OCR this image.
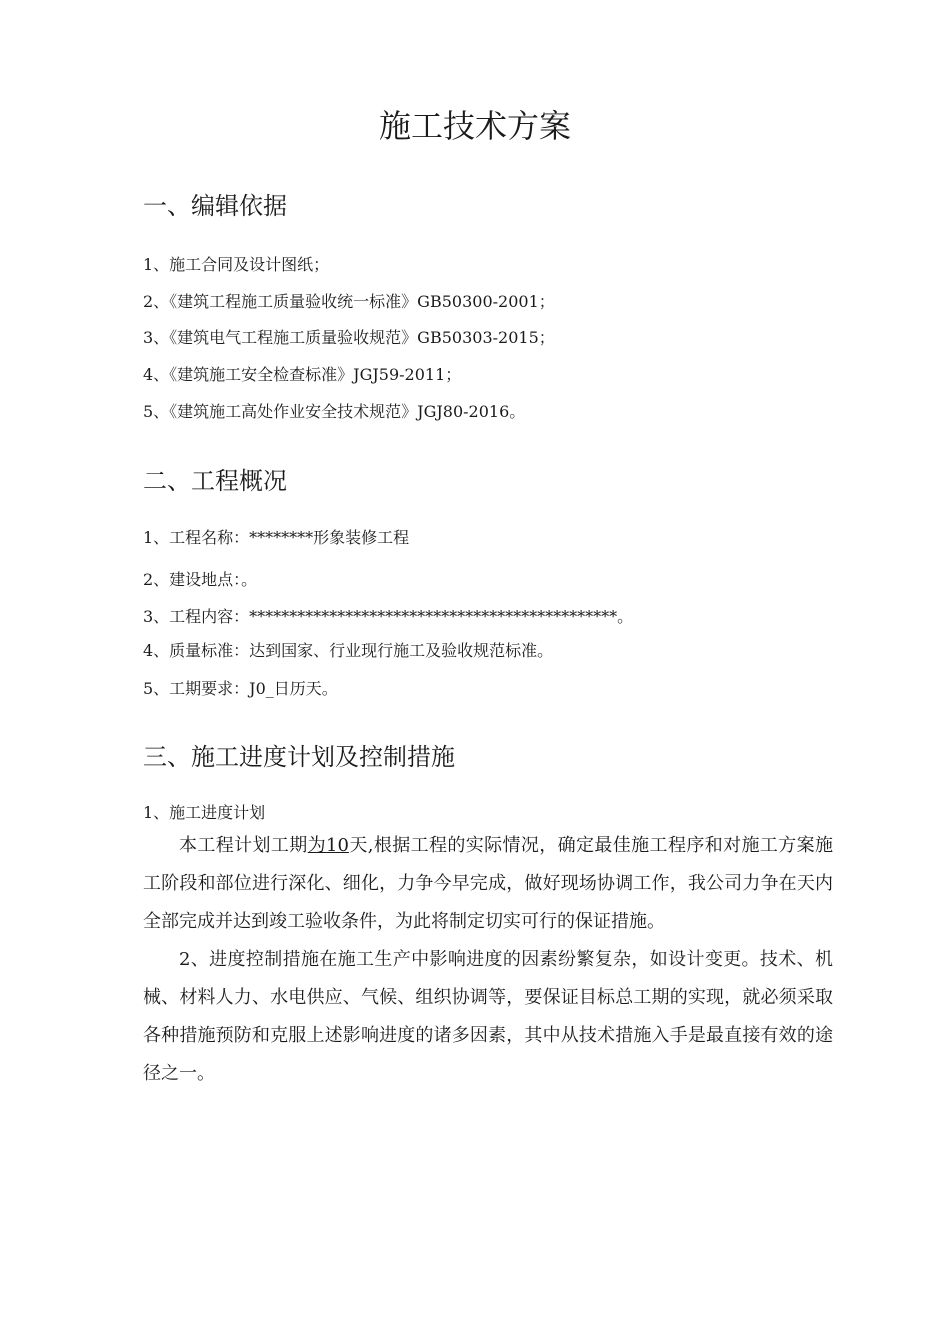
施工技术方案
一、编辑依据
1、施工合同及设计图纸；
2、《建筑工程施工质量验收统一标准》GB50300-2001；
3、《建筑电气工程施工质量验收规范》GB50303-2015；
4、《建筑施工安全检查标准》JGJ59-2011；
5、《建筑施工高处作业安全技术规范》JGJ80-2016。
二、工程概况
1、工程名称：********形象装修工程
2、建设地点：。
3、工程内容：**********************************************。
4、质量标准：达到国家、行业现行施工及验收规范标准。
5、工期要求：J0_日历天。
三、施工进度计划及控制措施
1、施工进度计划

本工程计划工期为10天,根据工程的实际情况，确定最佳施工程序和对施工方案施工阶段和部位进行深化、细化，力争今早完成，做好现场协调工作，我公司力争在天内全部完成并达到竣工验收条件，为此将制定切实可行的保证措施。

2、进度控制措施在施工生产中影响进度的因素纷繁复杂，如设计变更。技术、机械、材料人力、水电供应、气候、组织协调等，要保证目标总工期的实现，就必须采取各种措施预防和克服上述影响进度的诸多因素，其中从技术措施入手是最直接有效的途径之一。
